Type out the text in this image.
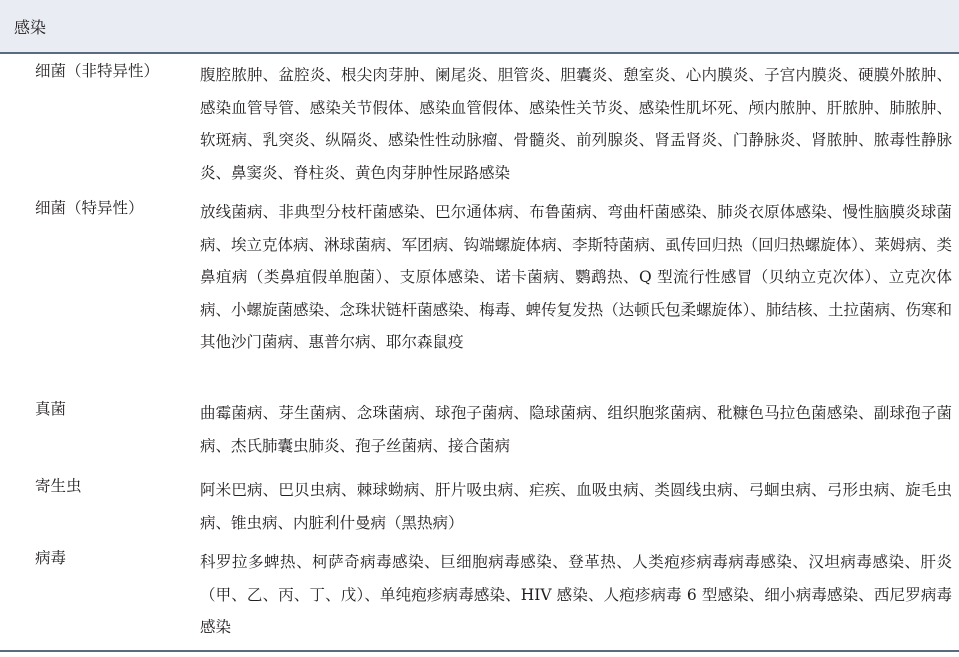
感染
细菌（非特异性）	腹腔脓肿、盆腔炎、根尖肉芽肿、阑尾炎、胆管炎、胆囊炎、憩室炎、心内膜炎、子宫内膜炎、硬膜外脓肿、感染血管导管、感染关节假体、感染血管假体、感染性关节炎、感染性肌坏死、颅内脓肿、肝脓肿、肺脓肿、软斑病、乳突炎、纵隔炎、感染性性动脉瘤、骨髓炎、前列腺炎、肾盂肾炎、门静脉炎、肾脓肿、脓毒性静脉炎、鼻窦炎、脊柱炎、黄色肉芽肿性尿路感染
细菌（特异性）	放线菌病、非典型分枝杆菌感染、巴尔通体病、布鲁菌病、弯曲杆菌感染、肺炎衣原体感染、慢性脑膜炎球菌病、埃立克体病、淋球菌病、军团病、钩端螺旋体病、李斯特菌病、虱传回归热（回归热螺旋体）、莱姆病、类鼻疽病（类鼻疽假单胞菌）、支原体感染、诺卡菌病、鹦鹉热、Q 型流行性感冒（贝纳立克次体）、立克次体病、小螺旋菌感染、念珠状链杆菌感染、梅毒、蜱传复发热（达顿氏包柔螺旋体）、肺结核、土拉菌病、伤寒和其他沙门菌病、惠普尔病、耶尔森鼠疫
真菌	曲霉菌病、芽生菌病、念珠菌病、球孢子菌病、隐球菌病、组织胞浆菌病、秕糠色马拉色菌感染、副球孢子菌病、杰氏肺囊虫肺炎、孢子丝菌病、接合菌病
寄生虫	阿米巴病、巴贝虫病、棘球蚴病、肝片吸虫病、疟疾、血吸虫病、类圆线虫病、弓蛔虫病、弓形虫病、旋毛虫病、锥虫病、内脏利什曼病（黑热病）
病毒	科罗拉多蜱热、柯萨奇病毒感染、巨细胞病毒感染、登革热、人类疱疹病毒病毒感染、汉坦病毒感染、肝炎（甲、乙、丙、丁、戊）、单纯疱疹病毒感染、HIV 感染、人疱疹病毒 6 型感染、细小病毒感染、西尼罗病毒感染
